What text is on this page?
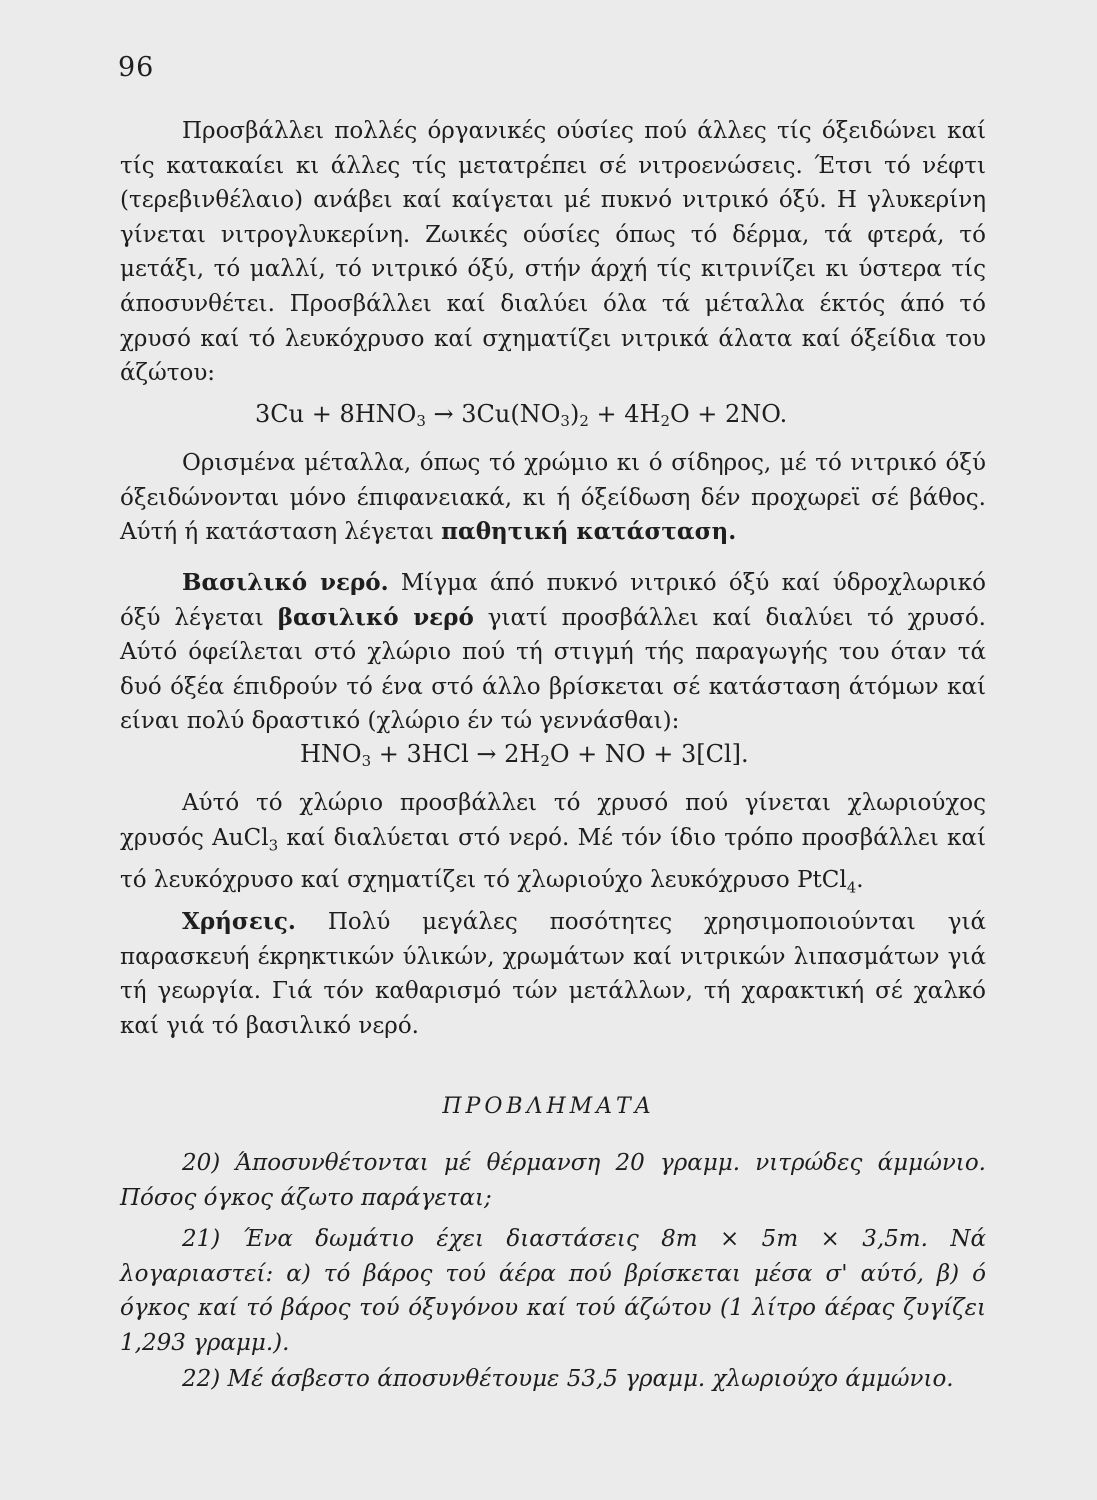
96
Προσβάλλει πολλές όργανικές ούσίες πού άλλες τίς όξειδώνει καί τίς κατακαίει κι άλλες τίς μετατρέπει σέ νιτροενώσεις. Έτσι τό νέφτι (τερεβινθέλαιο) ανάβει καί καίγεται μέ πυκνό νιτρικό όξύ. Η γλυκερίνη γίνεται νιτρογλυκερίνη. Ζωικές ούσίες όπως τό δέρμα, τά φτερά, τό μετάξι, τό μαλλί, τό νιτρικό όξύ, στήν άρχή τίς κιτρινίζει κι ύστερα τίς άποσυνθέτει. Προσβάλλει καί διαλύει όλα τά μέταλλα έκτός άπό τό χρυσό καί τό λευκόχρυσο καί σχηματίζει νιτρικά άλατα καί όξείδια του άζώτου:
$3Cu + 8HNO_3 \to 3Cu(NO_3)_2 + 4H_2O + 2NO$.
Ορισμένα μέταλλα, όπως τό χρώμιο κι ό σίδηρος, μέ τό νιτρικό όξύ όξειδώνονται μόνο έπιφανειακά, κι ή όξείδωση δέν προχωρεϊ σέ βάθος. Αύτή ή κατάσταση λέγεται παθητική κατάσταση.
Βασιλικό νερό. Μίγμα άπό πυκνό νιτρικό όξύ καί ύδροχλωρικό όξύ λέγεται βασιλικό νερό γιατί προσβάλλει καί διαλύει τό χρυσό. Αύτό όφείλεται στό χλώριο πού τή στιγμή τής παραγωγής του όταν τά δυό όξέα έπιδρούν τό ένα στό άλλο βρίσκεται σέ κατάσταση άτόμων καί είναι πολύ δραστικό (χλώριο έν τώ γεννάσθαι):
$HNO_3 + 3HCl \to 2H_2O$ + NO + 3[Cl].
Αύτό τό χλώριο προσβάλλει τό χρυσό πού γίνεται χλωριούχος χρυσός AuCl$_3$ καί διαλύεται στό νερό. Μέ τόν ίδιο τρόπο προσβάλλει καί τό λευκόχρυσο καί σχηματίζει τό χλωριούχο λευκόχρυσο PtCl$_4$.
Χρήσεις. Πολύ μεγάλες ποσότητες χρησιμοποιούνται γιά παρασκευή έκρηκτικών ύλικών, χρωμάτων καί νιτρικών λιπασμάτων γιά τή γεωργία. Γιά τόν καθαρισμό τών μετάλλων, τή χαρακτική σέ χαλκό καί γιά τό βασιλικό νερό.
ΠΡΟΒΛΗΜΑΤΑ
20) Άποσυνθέτονται μέ θέρμανση 20 γραμμ. νιτρώδες άμμώνιο. Πόσος όγκος άζωτο παράγεται;
21) Ένα δωμάτιο έχει διαστάσεις 8m × 5m × 3,5m. Νά λογαριαστεί: α) τό βάρος τού άέρα πού βρίσκεται μέσα σ' αύτό, β) ό όγκος καί τό βάρος τού όξυγόνου καί τού άζώτου (1 λίτρο άέρας ζυγίζει 1,293 γραμμ.).
22) Μέ άσβεστο άποσυνθέτουμε 53,5 γραμμ. χλωριούχο άμμώνιο.
